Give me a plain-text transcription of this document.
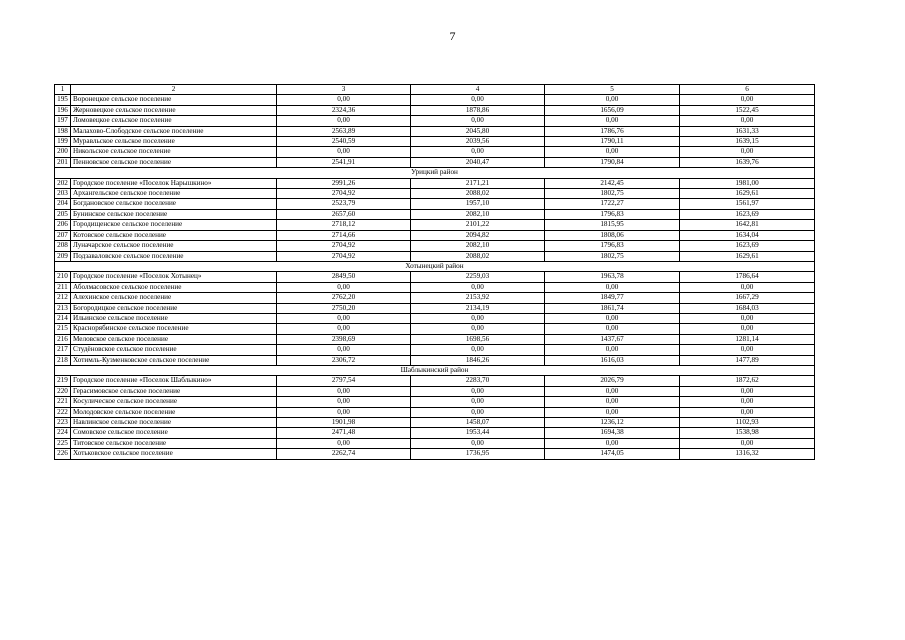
7
1	2	3	4	5	6
195	Воронецкое сельское поселение	0,00	0,00	0,00	0,00
196	Жерновецкое сельское поселение	2324,36	1878,86	1656,09	1522,45
197	Ломовецкое сельское поселение	0,00	0,00	0,00	0,00
198	Малахово-Слободское сельское поселение	2563,89	2045,80	1786,76	1631,33
199	Муравльское сельское поселение	2540,59	2039,56	1790,11	1639,15
200	Никольское сельское поселение	0,00	0,00	0,00	0,00
201	Пенновское сельское поселение	2541,91	2040,47	1790,84	1639,76
Урицкий район					
202	Городское поселение «Поселок Нарышкино»	2991,26	2171,21	2142,45	1981,00
203	Архангельское сельское поселение	2704,92	2088,02	1802,75	1629,61
204	Богдановское сельское поселение	2523,79	1957,10	1722,27	1561,97
205	Бунинское сельское поселение	2657,60	2082,10	1796,83	1623,69
206	Городищенское сельское поселение	2718,12	2101,22	1815,95	1642,81
207	Котовское сельское поселение	2714,66	2094,82	1808,06	1634,04
208	Луначарское сельское поселение	2704,92	2082,10	1796,83	1623,69
209	Подзаваловское сельское поселение	2704,92	2088,02	1802,75	1629,61
Хотынецкий район					
210	Городское поселение «Поселок Хотынец»	2849,50	2259,03	1963,78	1786,64
211	Аболмасовское сельское поселение	0,00	0,00	0,00	0,00
212	Алехинское сельское поселение	2762,20	2153,92	1849,77	1667,29
213	Богородицкое сельское поселение	2750,20	2134,19	1861,74	1684,03
214	Ильинское сельское поселение	0,00	0,00	0,00	0,00
215	Краснорябинское сельское поселение	0,00	0,00	0,00	0,00
216	Меловское сельское поселение	2398,69	1698,56	1437,67	1281,14
217	Студёновское сельское поселение	0,00	0,00	0,00	0,00
218	Хотимль-Кузменковское сельское поселение	2306,72	1846,26	1616,03	1477,89
Шаблыкинский район					
219	Городское поселение «Поселок Шаблыкино»	2797,54	2283,70	2026,79	1872,62
220	Герасимовское сельское поселение	0,00	0,00	0,00	0,00
221	Косулическое сельское поселение	0,00	0,00	0,00	0,00
222	Молодовское сельское поселение	0,00	0,00	0,00	0,00
223	Навлинское сельское поселение	1901,98	1458,07	1236,12	1102,93
224	Сомовское сельское поселение	2471,48	1953,44	1694,38	1538,98
225	Титовское сельское поселение	0,00	0,00	0,00	0,00
226	Хотьковское сельское поселение	2262,74	1736,95	1474,05	1316,32
